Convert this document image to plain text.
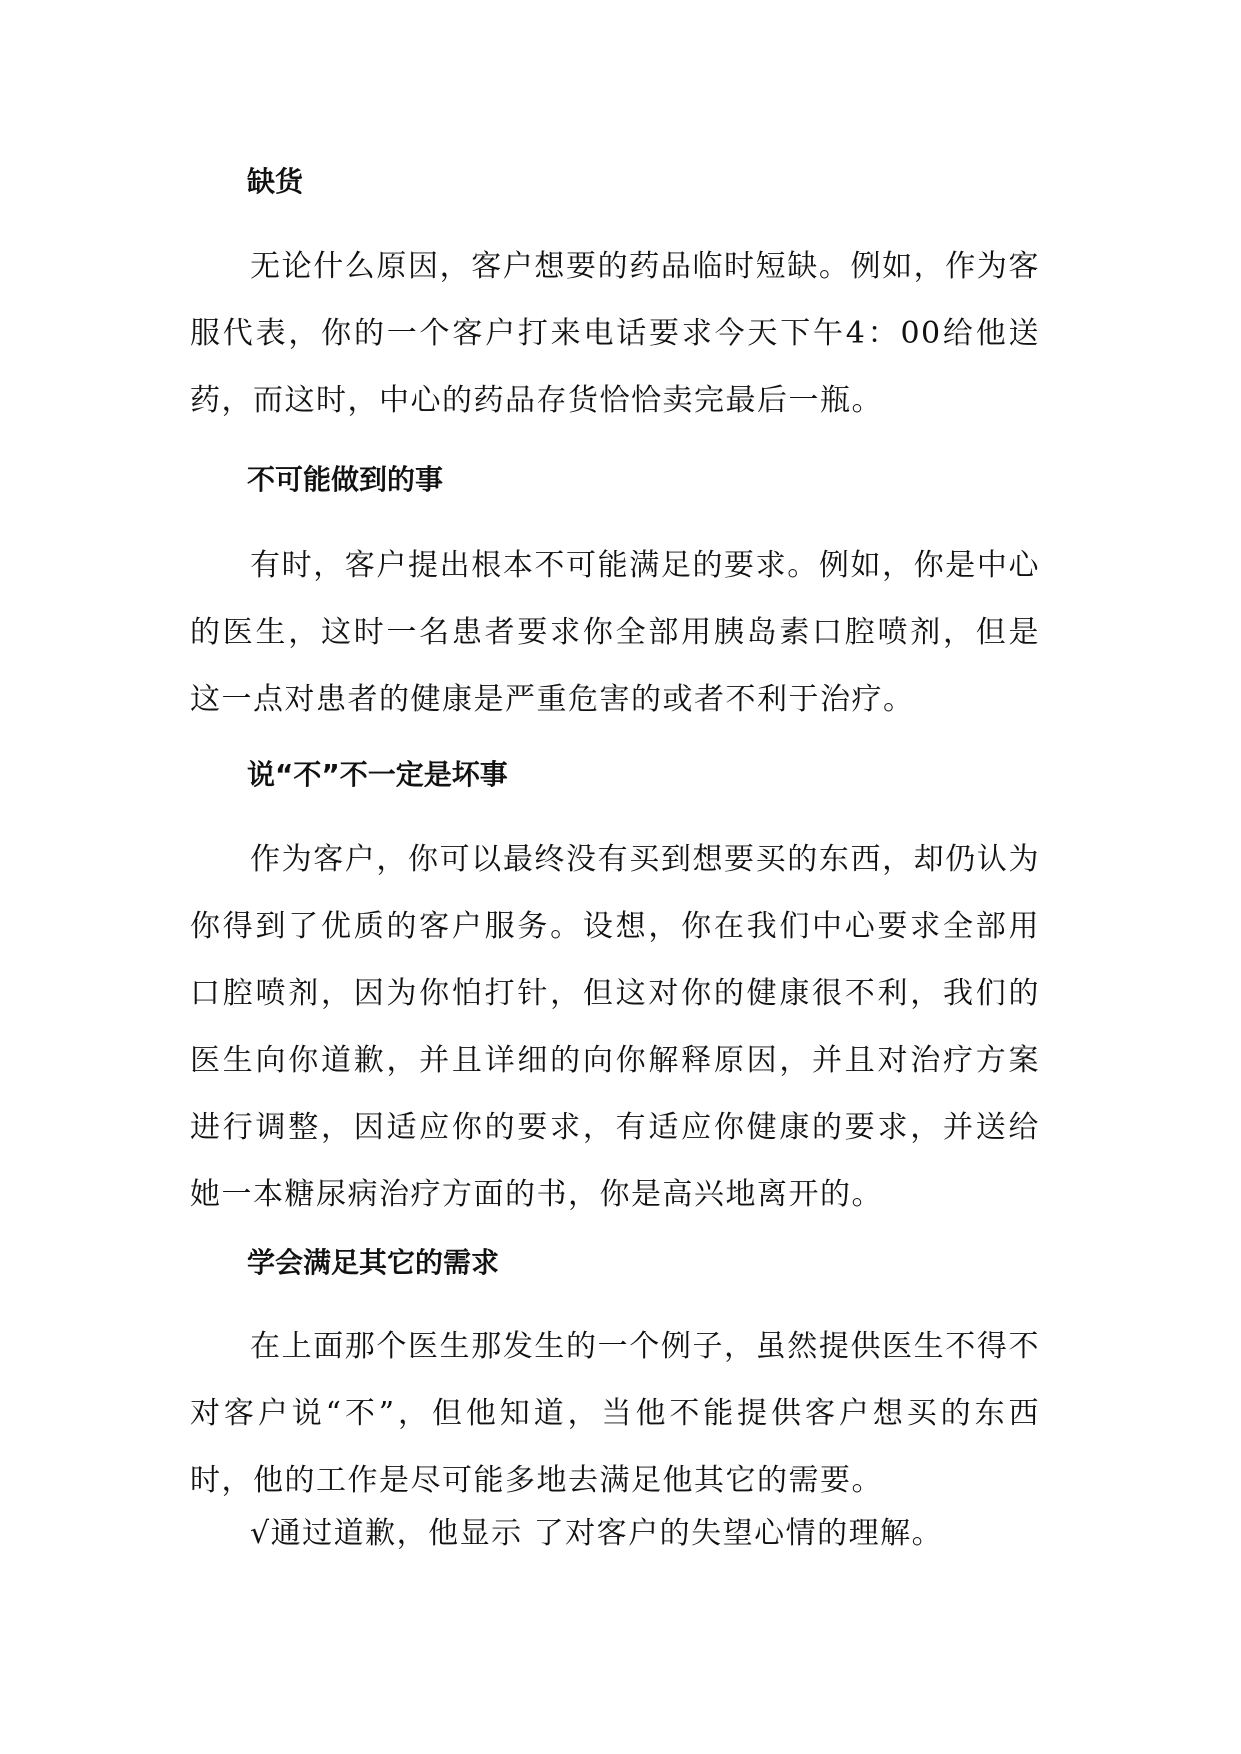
缺货
无论什么原因，客户想要的药品临时短缺。例如，作为客服代表，你的一个客户打来电话要求今天下午4：00给他送药，而这时，中心的药品存货恰恰卖完最后一瓶。
不可能做到的事
有时，客户提出根本不可能满足的要求。例如，你是中心的医生，这时一名患者要求你全部用胰岛素口腔喷剂，但是这一点对患者的健康是严重危害的或者不利于治疗。
说“不”不一定是坏事
作为客户，你可以最终没有买到想要买的东西，却仍认为你得到了优质的客户服务。设想，你在我们中心要求全部用口腔喷剂，因为你怕打针，但这对你的健康很不利，我们的医生向你道歉，并且详细的向你解释原因，并且对治疗方案进行调整，因适应你的要求，有适应你健康的要求，并送给她一本糖尿病治疗方面的书，你是高兴地离开的。
学会满足其它的需求
在上面那个医生那发生的一个例子，虽然提供医生不得不对客户说“不”，但他知道，当他不能提供客户想买的东西时，他的工作是尽可能多地去满足他其它的需要。
√通过道歉，他显示 了对客户的失望心情的理解。
